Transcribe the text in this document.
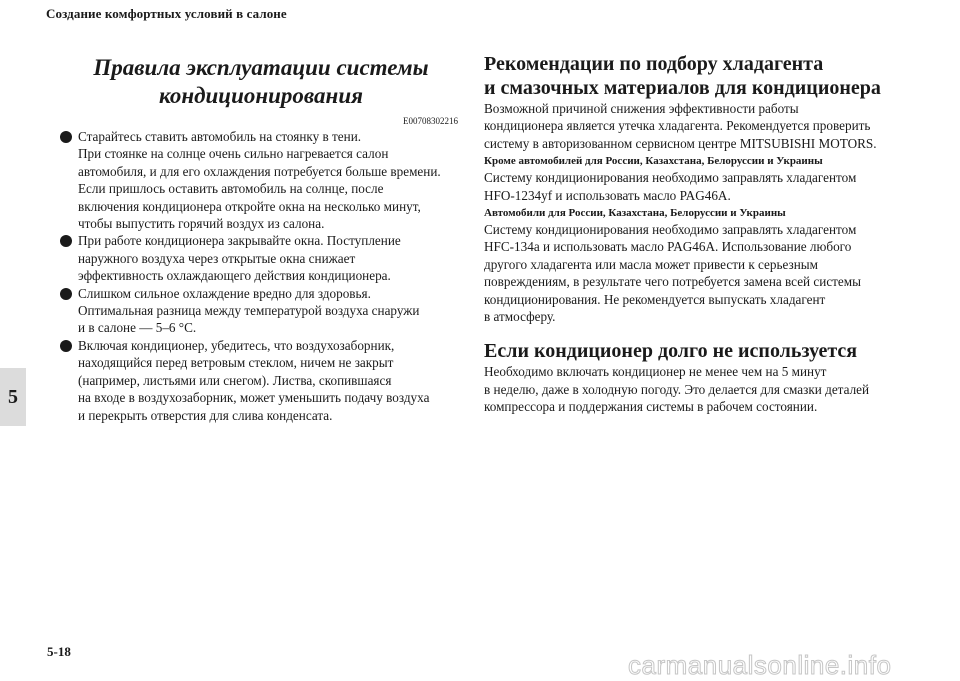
Создание комфортных условий в салоне
5
Правила эксплуатации системы
кондиционирования
E00708302216
Старайтесь ставить автомобиль на стоянку в тени.
При стоянке на солнце очень сильно нагревается салон
автомобиля, и для его охлаждения потребуется больше времени.
Если пришлось оставить автомобиль на солнце, после
включения кондиционера откройте окна на несколько минут,
чтобы выпустить горячий воздух из салона.
При работе кондиционера закрывайте окна. Поступление
наружного воздуха через открытые окна снижает
эффективность охлаждающего действия кондиционера.
Слишком сильное охлаждение вредно для здоровья.
Оптимальная разница между температурой воздуха снаружи
и в салоне — 5–6 °C.
Включая кондиционер, убедитесь, что воздухозаборник,
находящийся перед ветровым стеклом, ничем не закрыт
(например, листьями или снегом). Листва, скопившаяся
на входе в воздухозаборник, может уменьшить подачу воздуха
и перекрыть отверстия для слива конденсата.
Рекомендации по подбору хладагента
и смазочных материалов для кондиционера
Возможной причиной снижения эффективности работы
кондиционера является утечка хладагента. Рекомендуется проверить
систему в авторизованном сервисном центре MITSUBISHI MOTORS.
Кроме автомобилей для России, Казахстана, Белоруссии и Украины
Систему кондиционирования необходимо заправлять хладагентом
HFO-1234yf и использовать масло PAG46A.
Автомобили для России, Казахстана, Белоруссии и Украины
Систему кондиционирования необходимо заправлять хладагентом
HFC-134a и использовать масло PAG46A. Использование любого
другого хладагента или масла может привести к серьезным
повреждениям, в результате чего потребуется замена всей системы
кондиционирования. Не рекомендуется выпускать хладагент
в атмосферу.
Если кондиционер долго не используется
Необходимо включать кондиционер не менее чем на 5 минут
в неделю, даже в холодную погоду. Это делается для смазки деталей
компрессора и поддержания системы в рабочем состоянии.
5-18	carmanualsonline.info
